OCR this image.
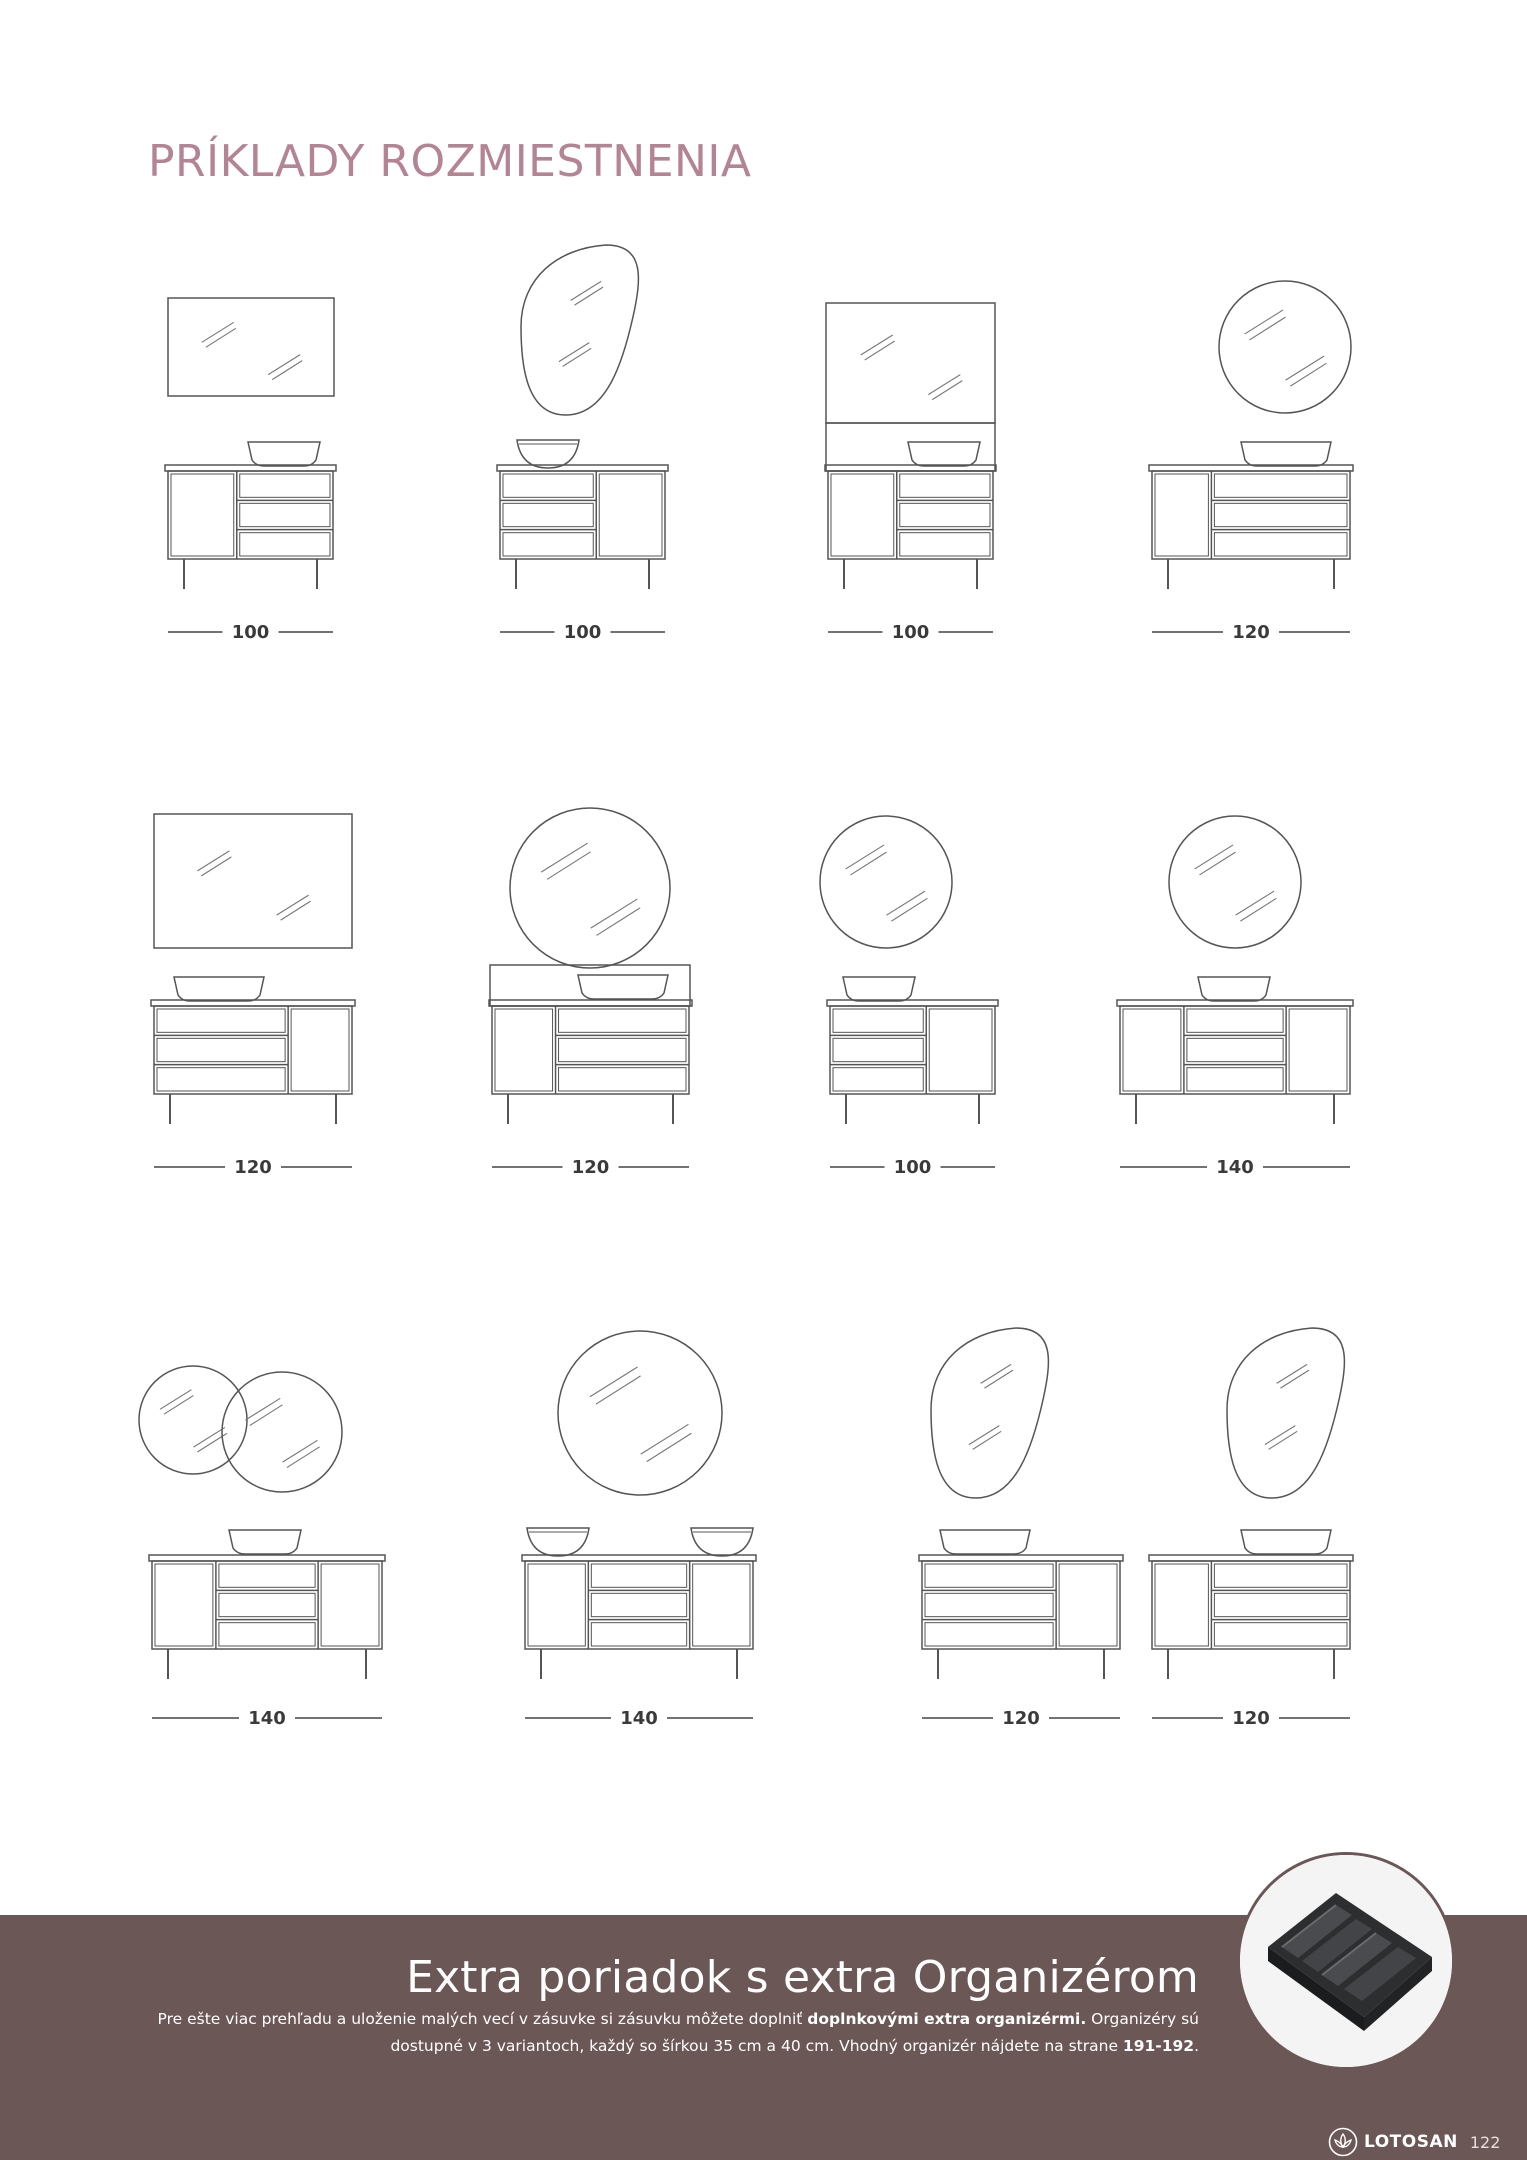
PRÍKLADY ROZMIESTNENIA
100	100	100	120
120	120	100	140
140	140	120	120
Extra poriadok s extra Organizérom
Pre ešte viac prehľadu a uloženie malých vecí v zásuvke si zásuvku môžete doplniť doplnkovými extra organizérmi. Organizéry sú dostupné v 3 variantoch, každý so šírkou 35 cm a 40 cm. Vhodný organizér nájdete na strane 191-192.
LOTOSAN 122
